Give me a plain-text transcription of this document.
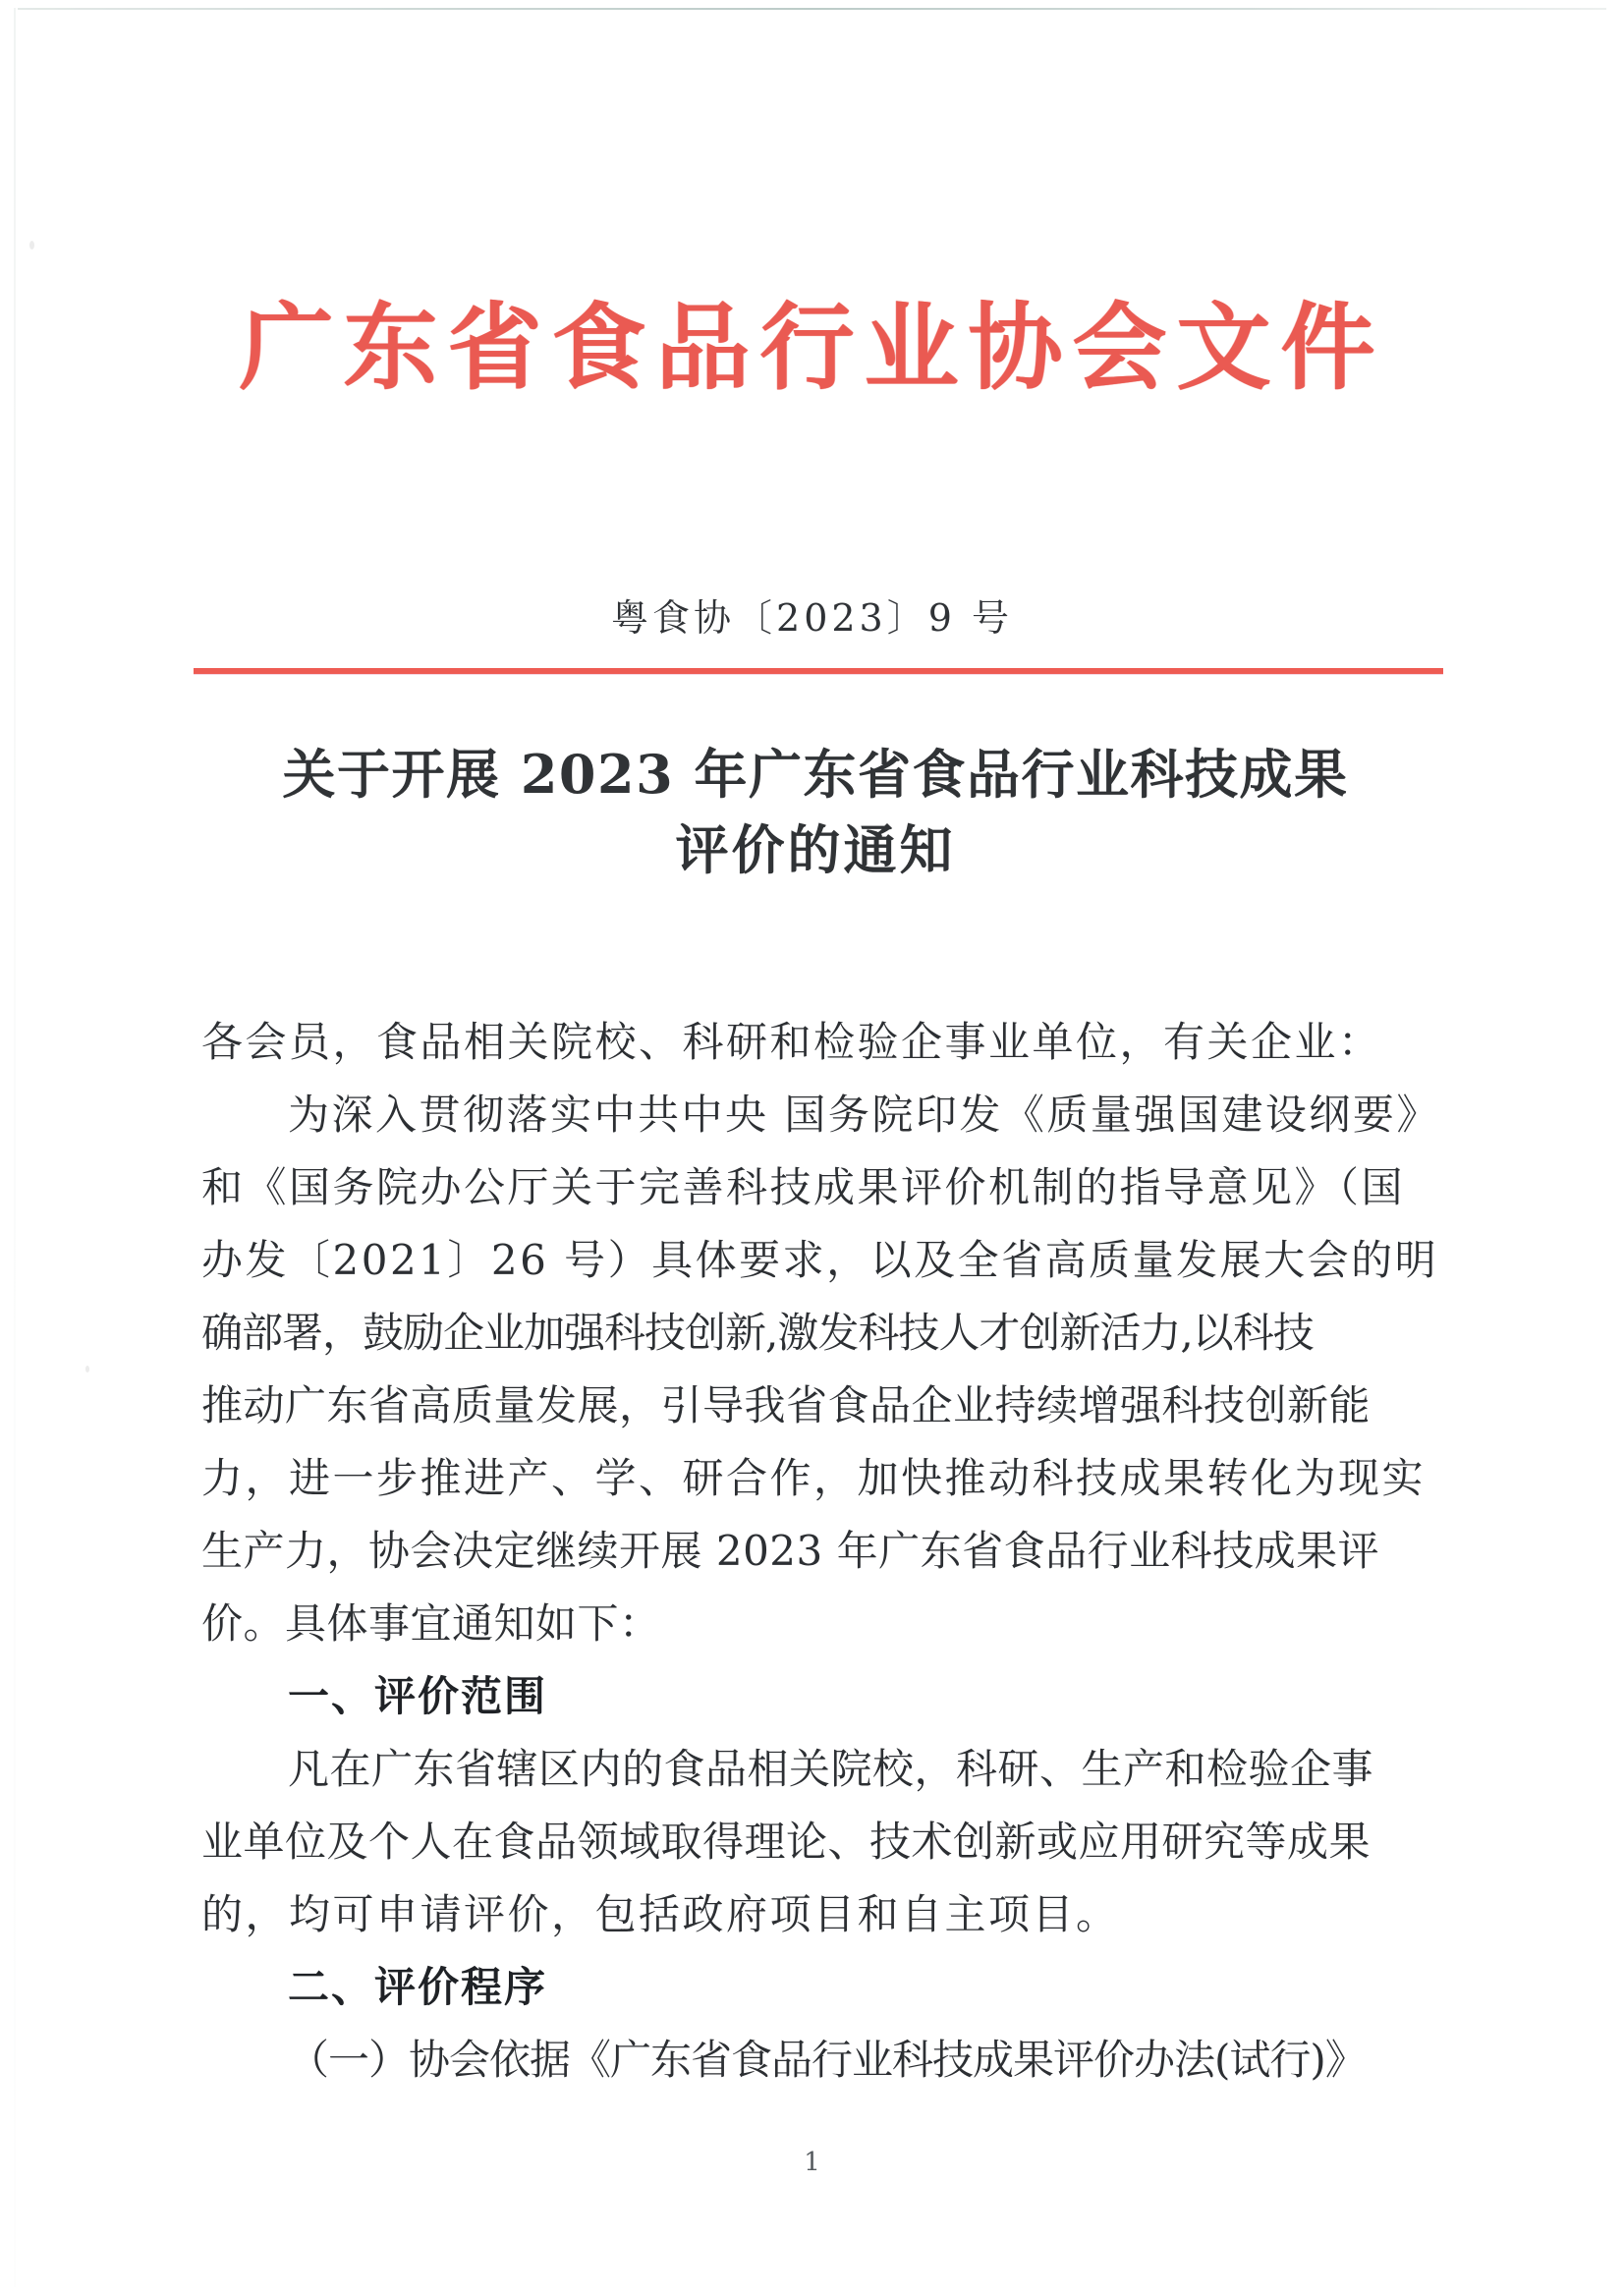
广东省食品行业协会文件
粤食协〔2023〕9 号
关于开展 2023 年广东省食品行业科技成果
评价的通知
各会员，食品相关院校、科研和检验企事业单位，有关企业：
为深入贯彻落实中共中央 国务院印发《质量强国建设纲要》
和《国务院办公厅关于完善科技成果评价机制的指导意见》（国
办发〔2021〕26 号）具体要求，以及全省高质量发展大会的明
确部署，鼓励企业加强科技创新,激发科技人才创新活力,以科技
推动广东省高质量发展，引导我省食品企业持续增强科技创新能
力，进一步推进产、学、研合作，加快推动科技成果转化为现实
生产力，协会决定继续开展 2023 年广东省食品行业科技成果评
价。具体事宜通知如下：
一、评价范围
凡在广东省辖区内的食品相关院校，科研、生产和检验企事
业单位及个人在食品领域取得理论、技术创新或应用研究等成果
的，均可申请评价，包括政府项目和自主项目。
二、评价程序
（一）协会依据《广东省食品行业科技成果评价办法(试行)》
1
